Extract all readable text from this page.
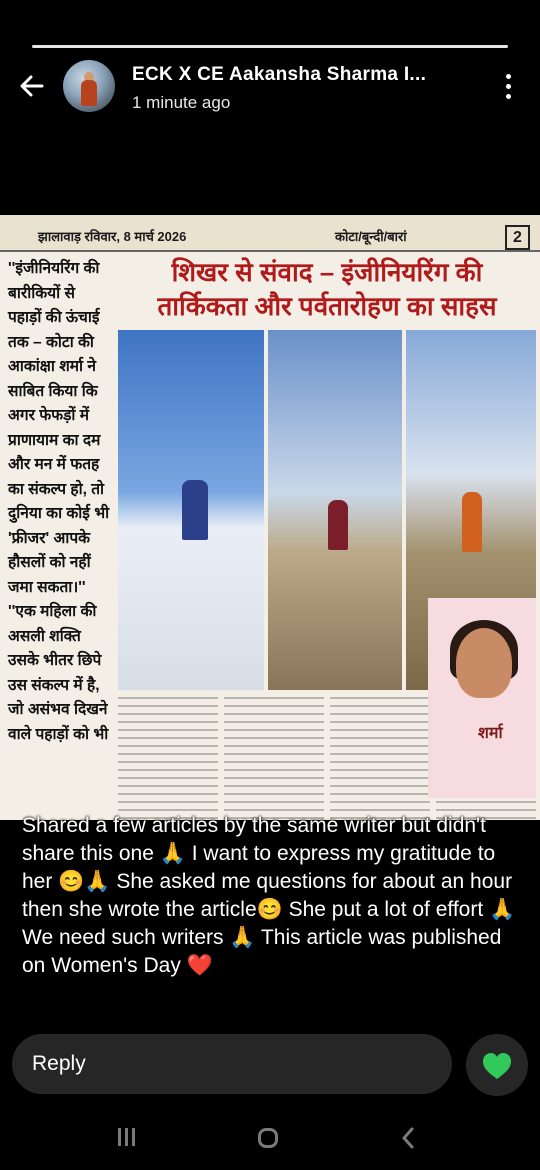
ECK X CE Aakansha Sharma I...
1 minute ago
झालावाड़ रविवार, 8 मार्च 2026	कोटा/बून्दी/बारां	2
''इंजीनियरिंग की बारीकियों से पहाड़ों की ऊंचाई तक – कोटा की आकांक्षा शर्मा ने साबित किया कि अगर फेफड़ों में प्राणायाम का दम और मन में फतह का संकल्प हो, तो दुनिया का कोई भी 'फ्रीजर' आपके हौसलों को नहीं जमा सकता।'' ''एक महिला की असली शक्ति उसके भीतर छिपे उस संकल्प में है, जो असंभव दिखने वाले पहाड़ों को भी
शिखर से संवाद – इंजीनियरिंग की
तार्किकता और पर्वतारोहण का साहस
शर्मा
Shared a few articles by the same writer but didn't share this one 🙏 I want to express my gratitude to her 😊🙏 She asked me questions for about an hour then she wrote the article😊 She put a lot of effort 🙏 We need such writers 🙏 This article was published on Women's Day ❤️
Reply
